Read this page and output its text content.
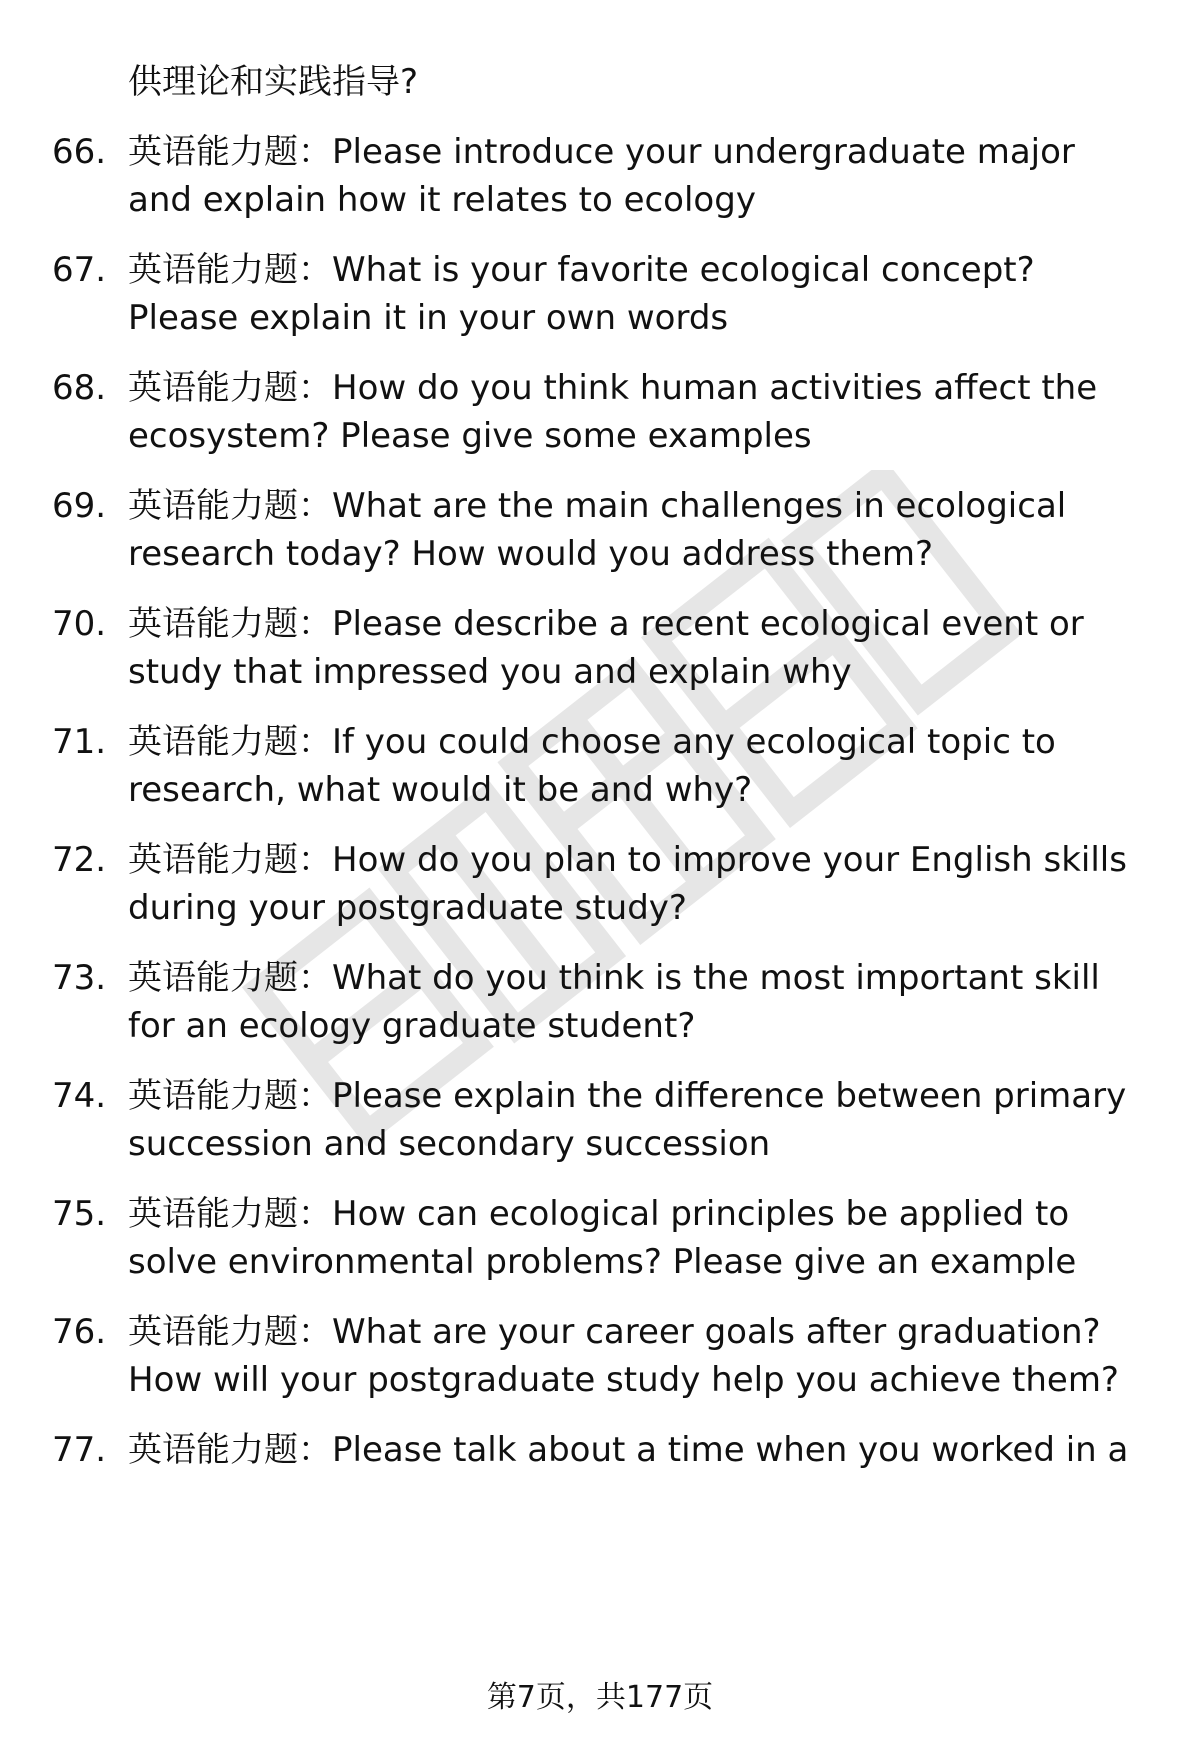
供理论和实践指导?
66. 英语能力题：Please introduce your undergraduate major
and explain how it relates to ecology
67. 英语能力题：What is your favorite ecological concept?
Please explain it in your own words
68. 英语能力题：How do you think human activities affect the
ecosystem? Please give some examples
69. 英语能力题：What are the main challenges in ecological
research today? How would you address them?
70. 英语能力题：Please describe a recent ecological event or
study that impressed you and explain why
71. 英语能力题：If you could choose any ecological topic to
research, what would it be and why?
72. 英语能力题：How do you plan to improve your English skills
during your postgraduate study?
73. 英语能力题：What do you think is the most important skill
for an ecology graduate student?
74. 英语能力题：Please explain the difference between primary
succession and secondary succession
75. 英语能力题：How can ecological principles be applied to
solve environmental problems? Please give an example
76. 英语能力题：What are your career goals after graduation?
How will your postgraduate study help you achieve them?
77. 英语能力题：Please talk about a time when you worked in a
第7页，共177页
